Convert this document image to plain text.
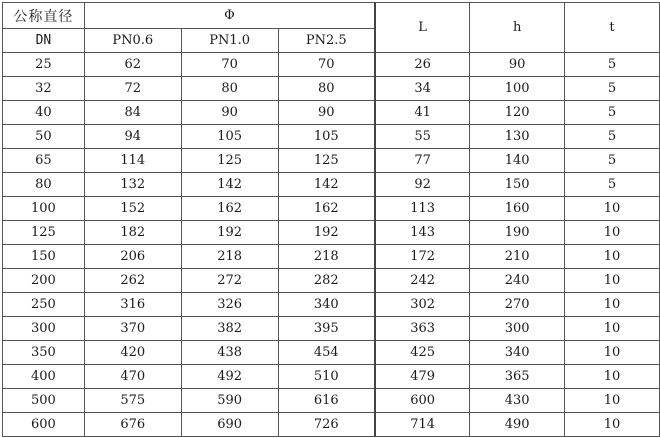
公称直径	Φ			L	h	t
DN	PN0.6	PN1.0	PN2.5			
25	62	70	70	26	90	5
32	72	80	80	34	100	5
40	84	90	90	41	120	5
50	94	105	105	55	130	5
65	114	125	125	77	140	5
80	132	142	142	92	150	5
100	152	162	162	113	160	10
125	182	192	192	143	190	10
150	206	218	218	172	210	10
200	262	272	282	242	240	10
250	316	326	340	302	270	10
300	370	382	395	363	300	10
350	420	438	454	425	340	10
400	470	492	510	479	365	10
500	575	590	616	600	430	10
600	676	690	726	714	490	10
